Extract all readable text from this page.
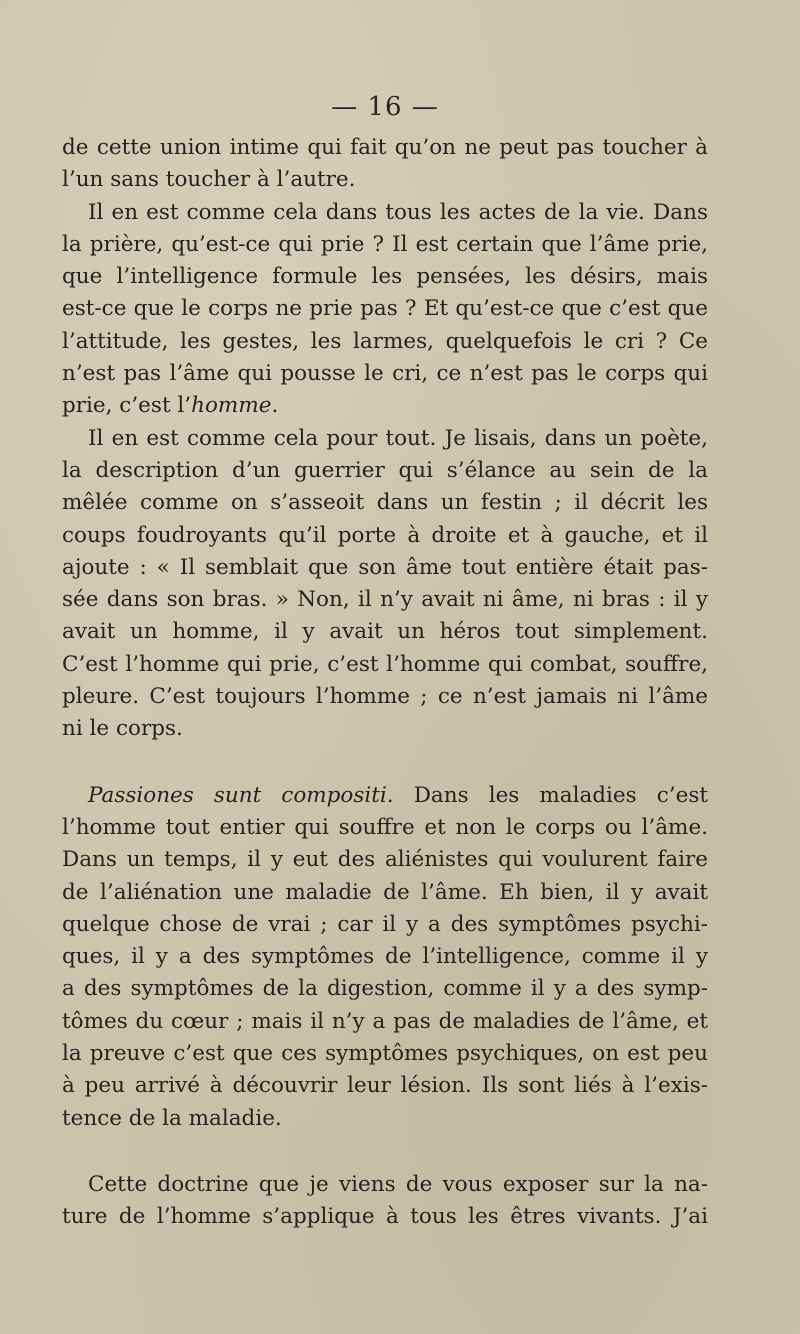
— 16 —
de cette union intime qui fait qu’on ne peut pas toucher à
l’un sans toucher à l’autre.
Il en est comme cela dans tous les actes de la vie. Dans
la prière, qu’est-ce qui prie ? Il est certain que l’âme prie,
que l’intelligence formule les pensées, les désirs, mais
est-ce que le corps ne prie pas ? Et qu’est-ce que c’est que
l’attitude, les gestes, les larmes, quelquefois le cri ? Ce
n’est pas l’âme qui pousse le cri, ce n’est pas le corps qui
prie, c’est l’homme.
Il en est comme cela pour tout. Je lisais, dans un poète,
la description d’un guerrier qui s’élance au sein de la
mêlée comme on s’asseoit dans un festin ; il décrit les
coups foudroyants qu’il porte à droite et à gauche, et il
ajoute : « Il semblait que son âme tout entière était pas-
sée dans son bras. » Non, il n’y avait ni âme, ni bras : il y
avait un homme, il y avait un héros tout simplement.
C’est l’homme qui prie, c’est l’homme qui combat, souffre,
pleure. C’est toujours l’homme ; ce n’est jamais ni l’âme
ni le corps.
Passiones sunt compositi. Dans les maladies c’est
l’homme tout entier qui souffre et non le corps ou l’âme.
Dans un temps, il y eut des aliénistes qui voulurent faire
de l’aliénation une maladie de l’âme. Eh bien, il y avait
quelque chose de vrai ; car il y a des symptômes psychi-
ques, il y a des symptômes de l’intelligence, comme il y
a des symptômes de la digestion, comme il y a des symp-
tômes du cœur ; mais il n’y a pas de maladies de l’âme, et
la preuve c’est que ces symptômes psychiques, on est peu
à peu arrivé à découvrir leur lésion. Ils sont liés à l’exis-
tence de la maladie.
Cette doctrine que je viens de vous exposer sur la na-
ture de l’homme s’applique à tous les êtres vivants. J’ai
